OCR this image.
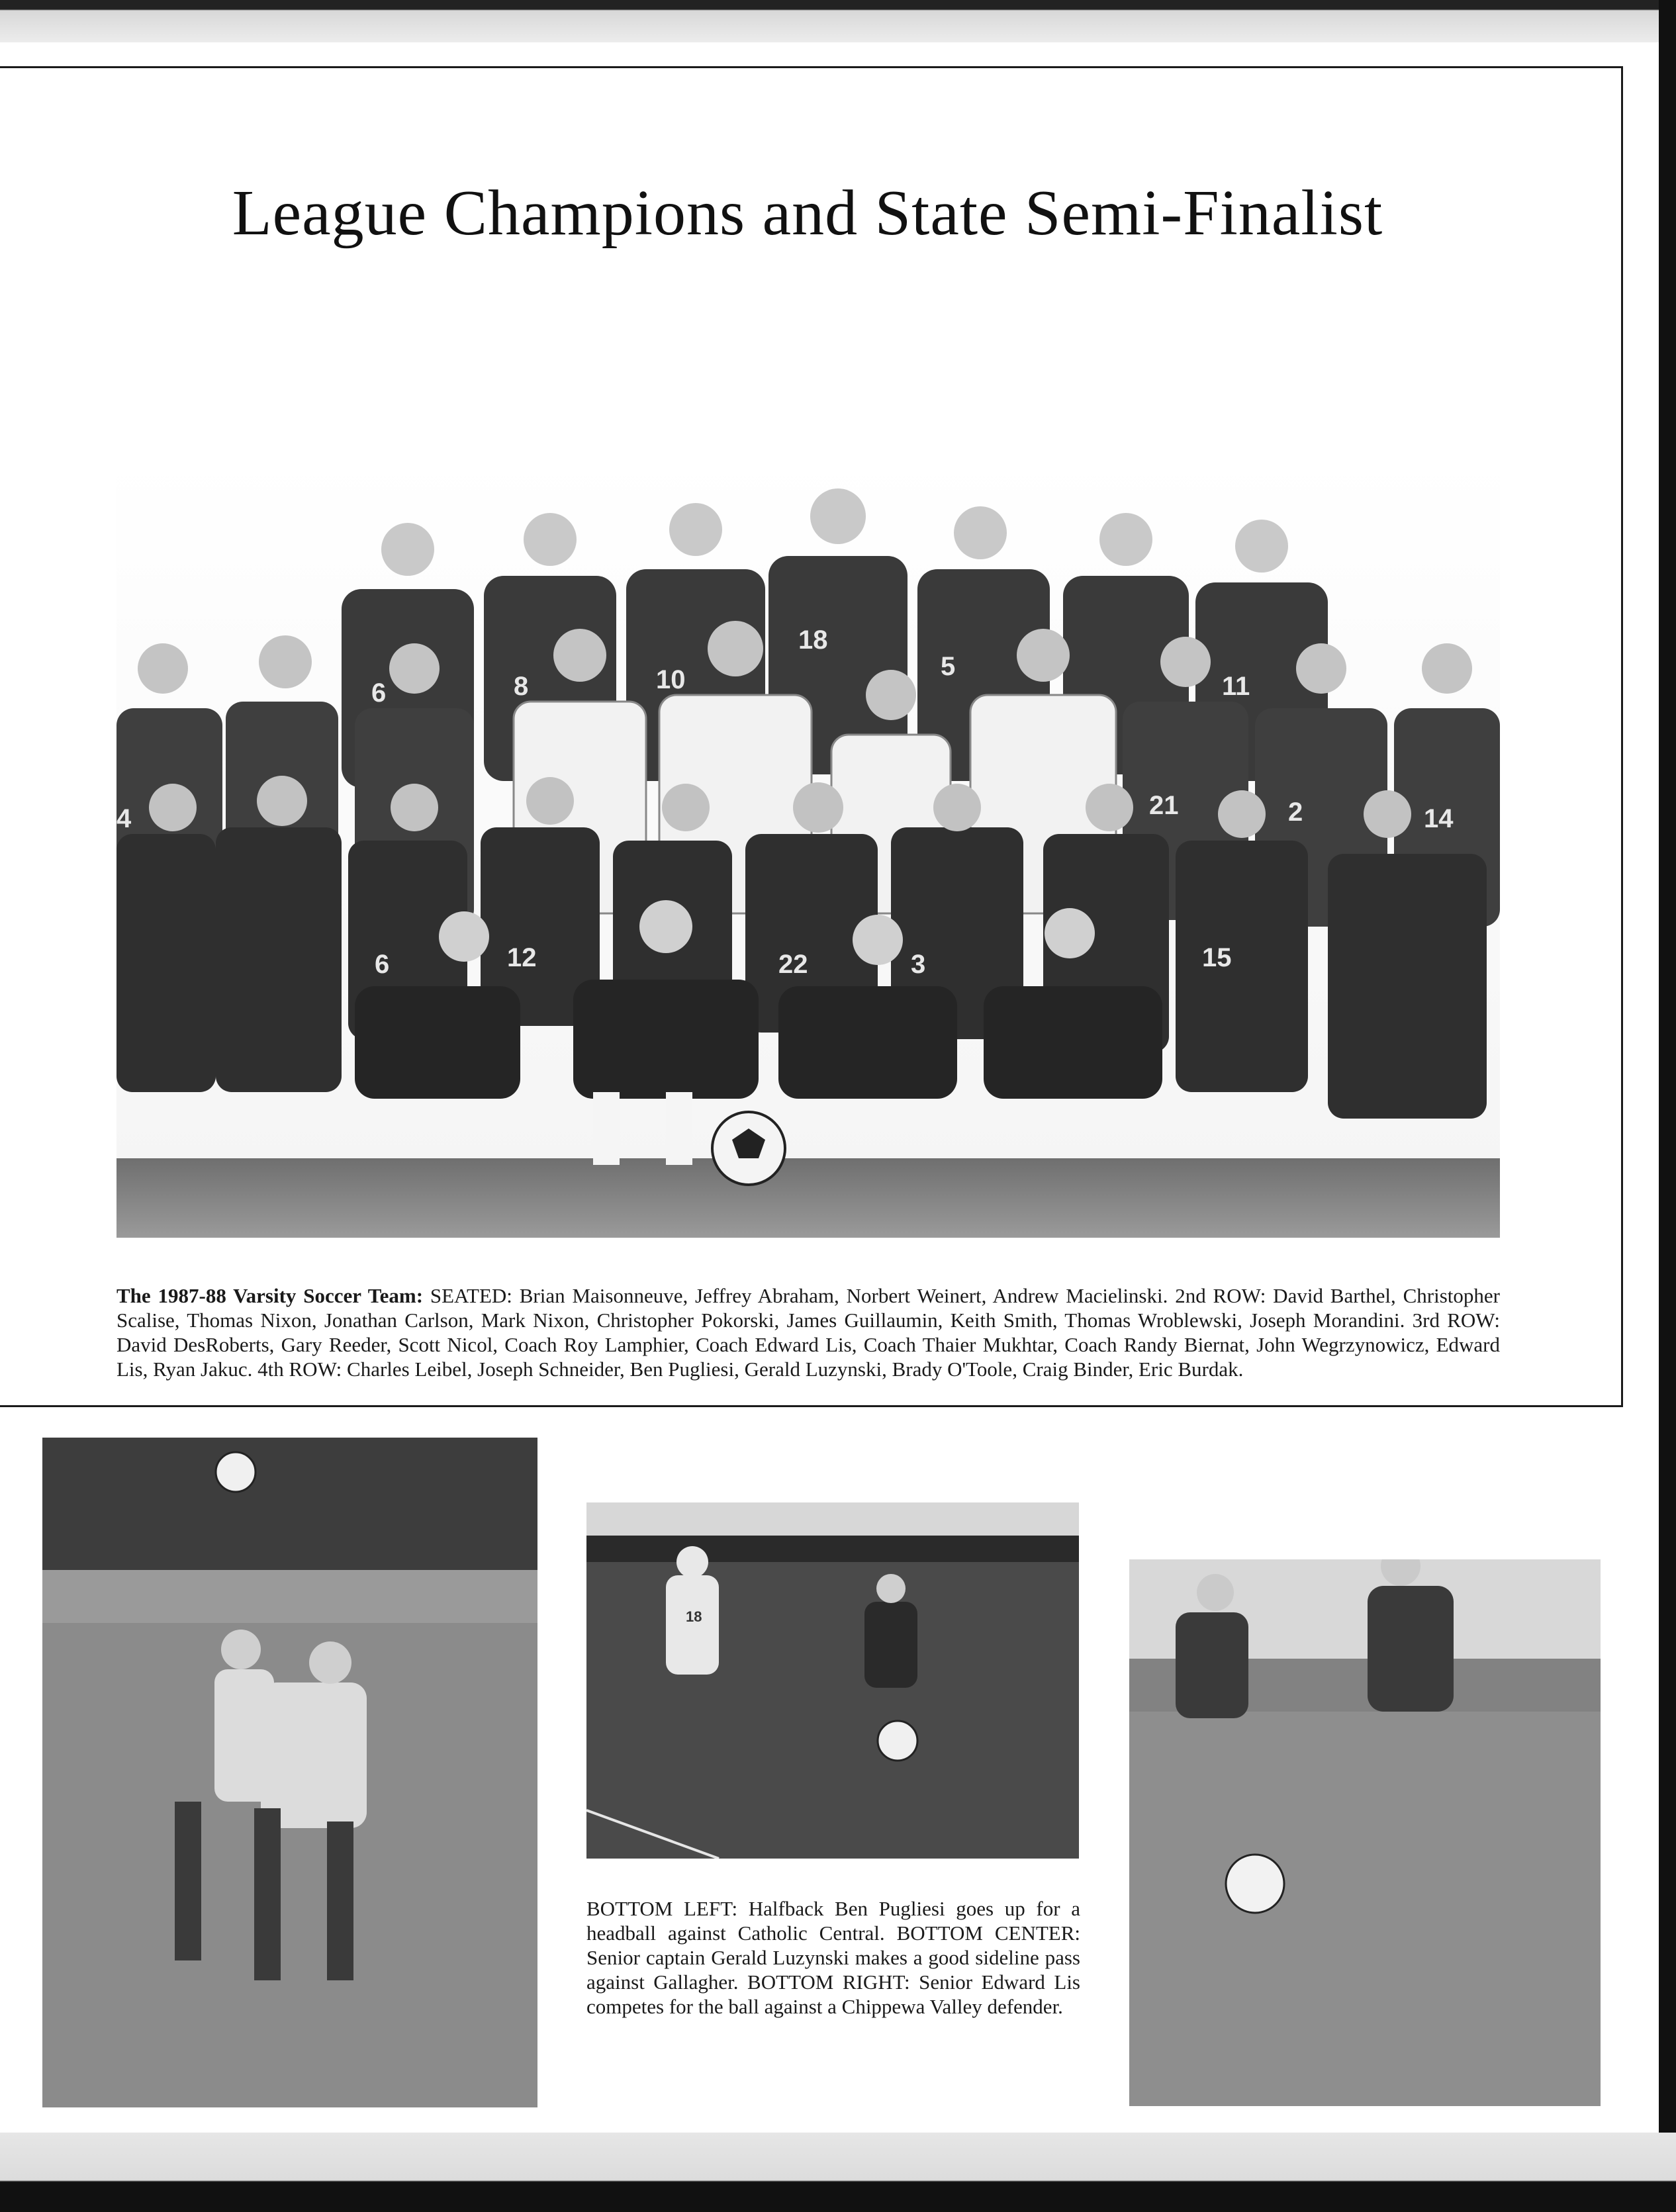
League Champions and State Semi-Finalist
6	8	10
18
5
11
4	21	2	14
6	12	22	3	15

The 1987-88 Varsity Soccer Team: SEATED: Brian Maisonneuve, Jeffrey Abraham, Norbert Weinert, Andrew Macielinski. 2nd ROW: David Barthel, Christopher Scalise, Thomas Nixon, Jonathan Carlson, Mark Nixon, Christopher Pokorski, James Guillaumin, Keith Smith, Thomas Wroblewski, Joseph Morandini. 3rd ROW: David DesRoberts, Gary Reeder, Scott Nicol, Coach Roy Lamphier, Coach Edward Lis, Coach Thaier Mukhtar, Coach Randy Biernat, John Wegrzynowicz, Edward Lis, Ryan Jakuc. 4th ROW: Charles Leibel, Joseph Schneider, Ben Pugliesi, Gerald Luzynski, Brady O'Toole, Craig Binder, Eric Burdak.

18

BOTTOM LEFT: Halfback Ben Pugliesi goes up for a headball against Catholic Central. BOTTOM CENTER: Senior captain Gerald Luzynski makes a good sideline pass against Gallagher. BOTTOM RIGHT: Senior Edward Lis competes for the ball against a Chippewa Valley defender.
